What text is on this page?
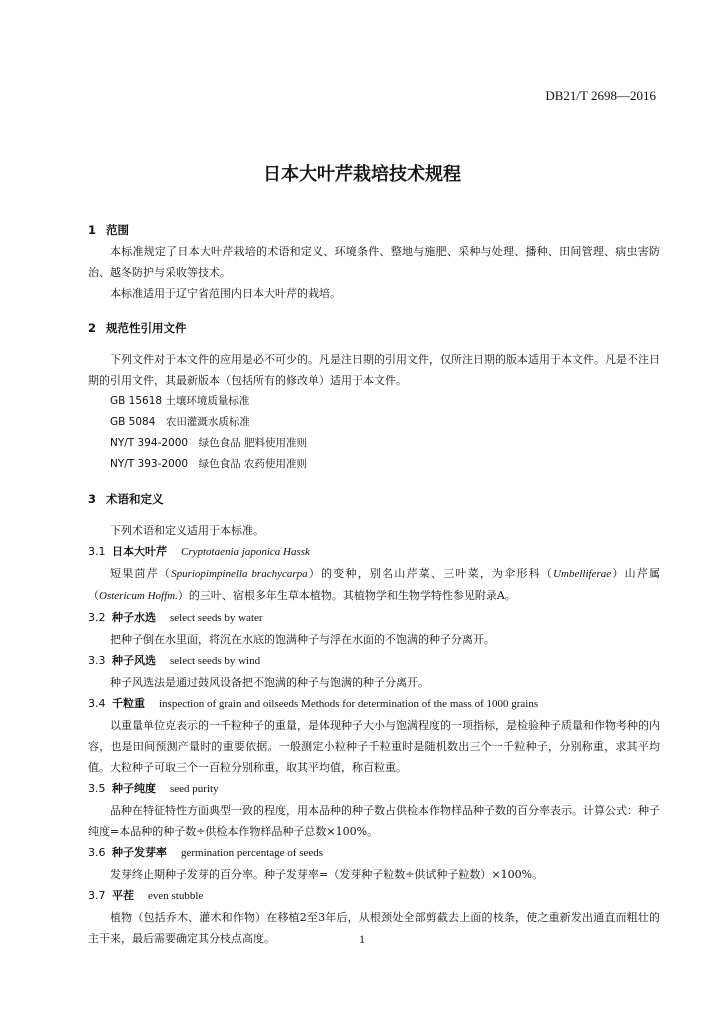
DB21/T 2698—2016
日本大叶芹栽培技术规程
1 范围
本标准规定了日本大叶芹栽培的术语和定义、环境条件、整地与施肥、采种与处理、播种、田间管理、病虫害防治、越冬防护与采收等技术。
本标准适用于辽宁省范围内日本大叶芹的栽培。
2 规范性引用文件
下列文件对于本文件的应用是必不可少的。凡是注日期的引用文件，仅所注日期的版本适用于本文件。凡是不注日期的引用文件，其最新版本（包括所有的修改单）适用于本文件。
GB 15618 土壤环境质量标准
GB 5084　农田灌溉水质标准
NY/T 394-2000　绿色食品 肥料使用准则
NY/T 393-2000　绿色食品 农药使用准则
3 术语和定义
下列术语和定义适用于本标准。
3.1 日本大叶芹 Cryptotaenia japonica Hassk
短果茴芹（Spuriopimpinella brachycarpa）的变种，别名山芹菜、三叶菜，为伞形科（Umbelliferae）山芹属（Ostericum Hoffm.）的三叶、宿根多年生草本植物。其植物学和生物学特性参见附录A。
3.2 种子水选 select seeds by water
把种子倒在水里面，将沉在水底的饱满种子与浮在水面的不饱满的种子分离开。
3.3 种子风选 select seeds by wind
种子风选法是通过鼓风设备把不饱满的种子与饱满的种子分离开。
3.4 千粒重 inspection of grain and oilseeds Methods for determination of the mass of 1000 grains
以重量单位克表示的一千粒种子的重量，是体现种子大小与饱满程度的一项指标，是检验种子质量和作物考种的内容，也是田间预测产量时的重要依据。一般测定小粒种子千粒重时是随机数出三个一千粒种子，分别称重，求其平均值。大粒种子可取三个一百粒分别称重，取其平均值，称百粒重。
3.5 种子纯度 seed purity
品种在特征特性方面典型一致的程度，用本品种的种子数占供检本作物样品种子数的百分率表示。计算公式：种子纯度=本品种的种子数÷供检本作物样品种子总数×100%。
3.6 种子发芽率 germination percentage of seeds
发芽终止期种子发芽的百分率。种子发芽率=（发芽种子粒数÷供试种子粒数）×100%。
3.7 平茬 even stubble
植物（包括乔木、灌木和作物）在移植2至3年后，从根颈处全部剪截去上面的枝条，使之重新发出通直而粗壮的主干来，最后需要确定其分枝点高度。	1
